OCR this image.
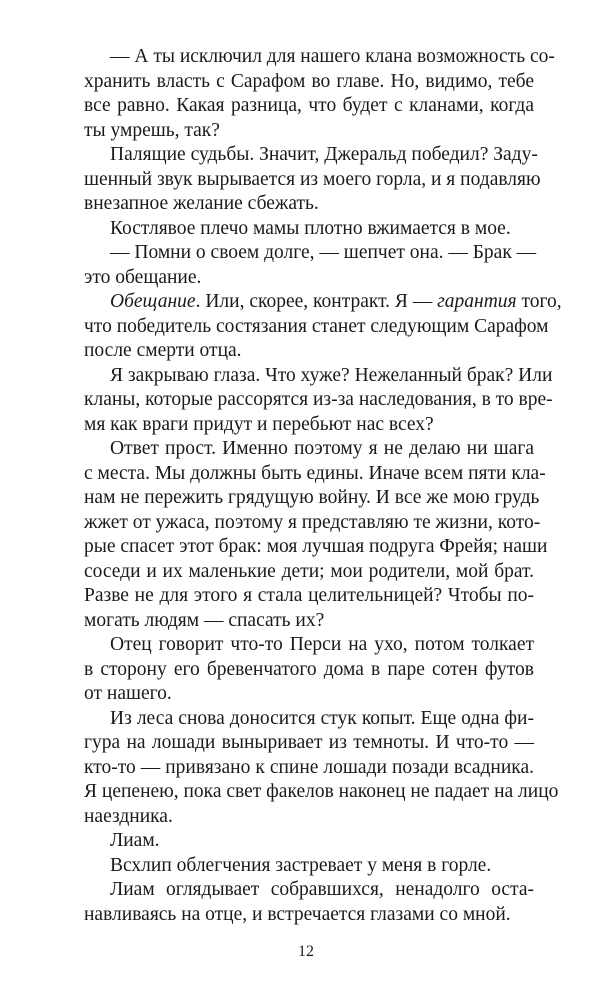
— А ты исключил для нашего клана возможность со-
хранить власть с Сарафом во главе. Но, видимо, тебе
все равно. Какая разница, что будет с кланами, когда
ты умрешь, так?
Палящие судьбы. Значит, Джеральд победил? Заду-
шенный звук вырывается из моего горла, и я подавляю
внезапное желание сбежать.
Костлявое плечо мамы плотно вжимается в мое.
— Помни о своем долге, — шепчет она. — Брак —
это обещание.
Обещание. Или, скорее, контракт. Я — гарантия того,
что победитель состязания станет следующим Сарафом
после смерти отца.
Я закрываю глаза. Что хуже? Нежеланный брак? Или
кланы, которые рассорятся из-за наследования, в то вре-
мя как враги придут и перебьют нас всех?
Ответ прост. Именно поэтому я не делаю ни шага
с места. Мы должны быть едины. Иначе всем пяти кла-
нам не пережить грядущую войну. И все же мою грудь
жжет от ужаса, поэтому я представляю те жизни, кото-
рые спасет этот брак: моя лучшая подруга Фрейя; наши
соседи и их маленькие дети; мои родители, мой брат.
Разве не для этого я стала целительницей? Чтобы по-
могать людям — спасать их?
Отец говорит что-то Перси на ухо, потом толкает
в сторону его бревенчатого дома в паре сотен футов
от нашего.
Из леса снова доносится стук копыт. Еще одна фи-
гура на лошади выныривает из темноты. И что-то —
кто-то — привязано к спине лошади позади всадника.
Я цепенею, пока свет факелов наконец не падает на лицо
наездника.
Лиам.
Всхлип облегчения застревает у меня в горле.
Лиам оглядывает собравшихся, ненадолго оста-
навливаясь на отце, и встречается глазами со мной.
12
